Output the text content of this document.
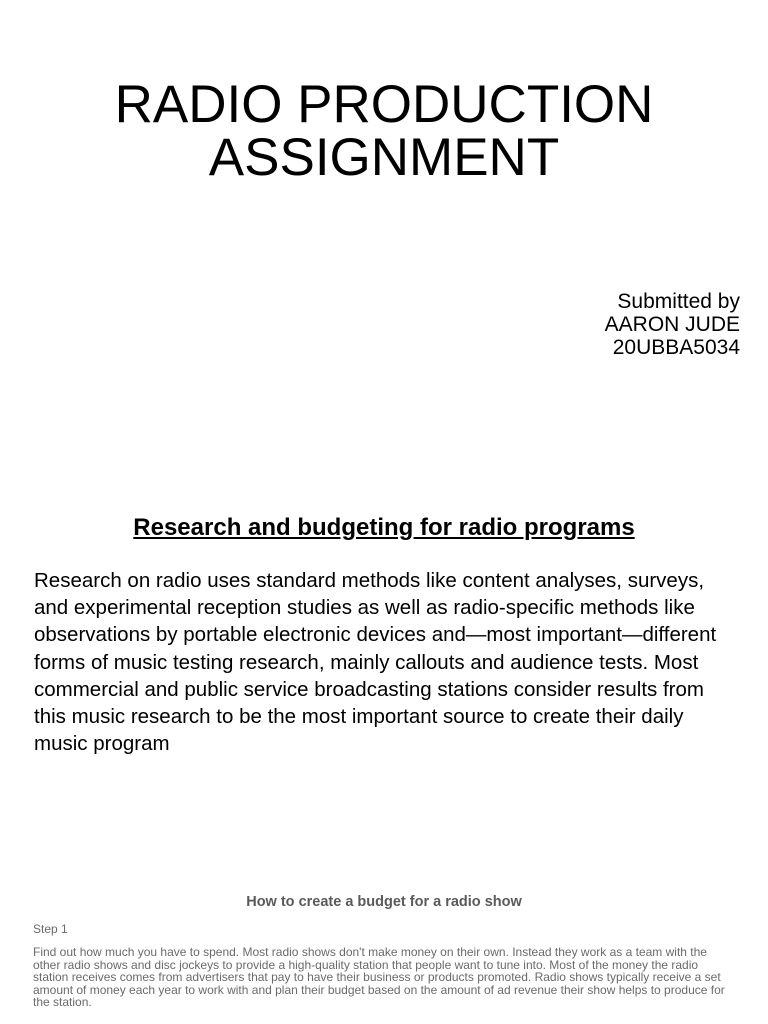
RADIO PRODUCTION
ASSIGNMENT
Submitted by
AARON JUDE
20UBBA5034
Research and budgeting for radio programs

Research on radio uses standard methods like content analyses, surveys, and experimental reception studies as well as radio-specific methods like observations by portable electronic devices and—most important—different forms of music testing research, mainly callouts and audience tests. Most commercial and public service broadcasting stations consider results from this music research to be the most important source to create their daily music program

How to create a budget for a radio show
Step 1

Find out how much you have to spend. Most radio shows don't make money on their own. Instead they work as a team with the other radio shows and disc jockeys to provide a high-quality station that people want to tune into. Most of the money the radio station receives comes from advertisers that pay to have their business or products promoted. Radio shows typically receive a set amount of money each year to work with and plan their budget based on the amount of ad revenue their show helps to produce for the station.
